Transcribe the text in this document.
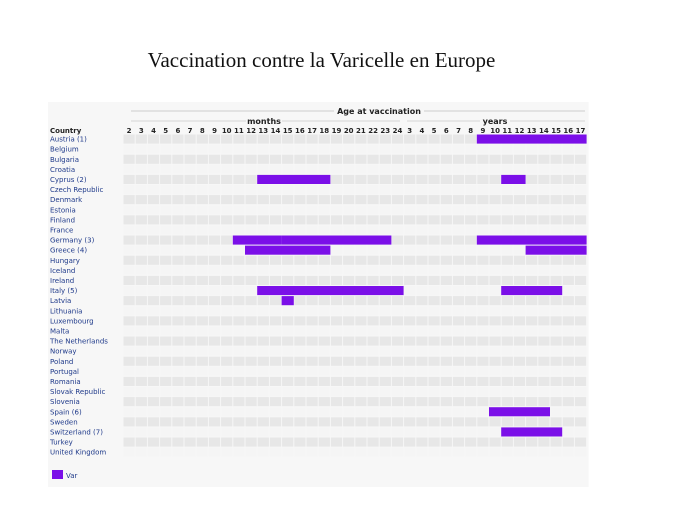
Vaccination contre la Varicelle en Europe
Austria (1)
Belgium
Bulgaria
Croatia
Cyprus (2)
Czech Republic
Denmark
Estonia
Finland
France
Germany (3)
Greece (4)
Hungary
Iceland
Ireland
Italy (5)
Latvia
Lithuania
Luxembourg
Malta
The Netherlands
Norway
Poland
Portugal
Romania
Slovak Republic
Slovenia
Spain (6)
Sweden
Switzerland (7)
Turkey
United Kingdom
Age at vaccination
months	years
Country	2 3 4 5 6 7 8 9 10 11 12 13 14 15 16 17 18 19 20 21 22 23 24 3 4 5 6 7 8 9 10 11 12 13 14 15 16 17
Var
